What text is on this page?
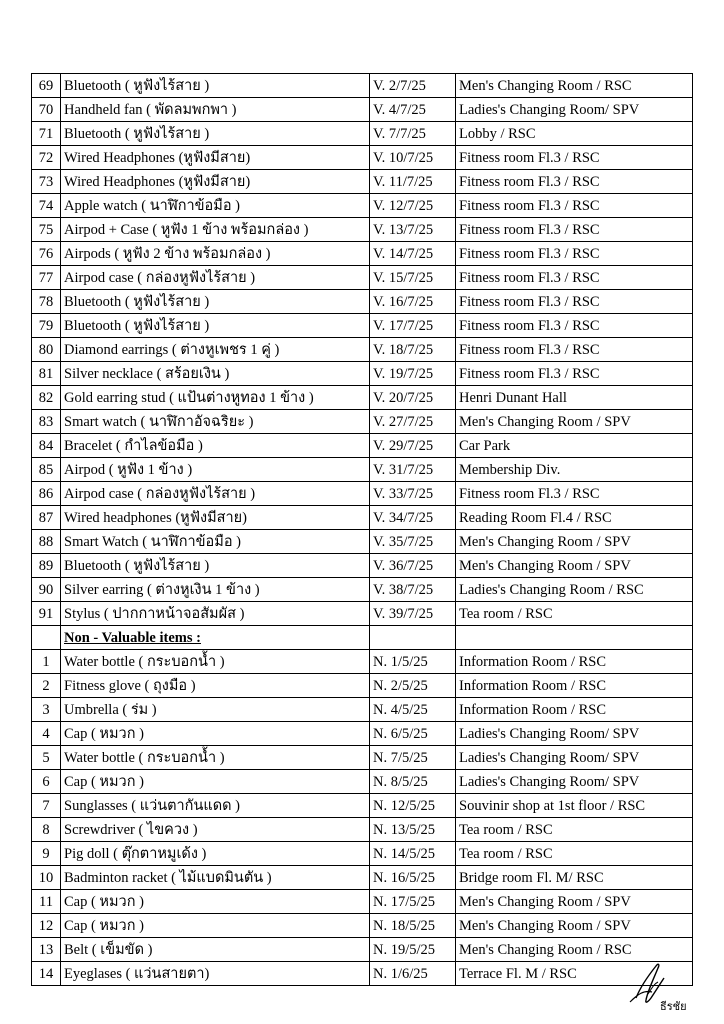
69	Bluetooth ( หูฟังไร้สาย )	V. 2/7/25	Men's Changing Room / RSC
70	Handheld fan ( พัดลมพกพา )	V. 4/7/25	Ladies's Changing Room/ SPV
71	Bluetooth ( หูฟังไร้สาย )	V. 7/7/25	Lobby / RSC
72	Wired Headphones (หูฟังมีสาย)	V. 10/7/25	Fitness room Fl.3 / RSC
73	Wired Headphones (หูฟังมีสาย)	V. 11/7/25	Fitness room Fl.3 / RSC
74	Apple watch ( นาฬิกาข้อมือ )	V. 12/7/25	Fitness room Fl.3 / RSC
75	Airpod + Case ( หูฟัง 1 ข้าง พร้อมกล่อง )	V. 13/7/25	Fitness room Fl.3 / RSC
76	Airpods ( หูฟัง 2 ข้าง พร้อมกล่อง )	V. 14/7/25	Fitness room Fl.3 / RSC
77	Airpod case ( กล่องหูฟังไร้สาย )	V. 15/7/25	Fitness room Fl.3 / RSC
78	Bluetooth ( หูฟังไร้สาย )	V. 16/7/25	Fitness room Fl.3 / RSC
79	Bluetooth ( หูฟังไร้สาย )	V. 17/7/25	Fitness room Fl.3 / RSC
80	Diamond earrings ( ต่างหูเพชร 1 คู่ )	V. 18/7/25	Fitness room Fl.3 / RSC
81	Silver necklace ( สร้อยเงิน )	V. 19/7/25	Fitness room Fl.3 / RSC
82	Gold earring stud ( แป้นต่างหูทอง 1 ข้าง )	V. 20/7/25	Henri Dunant Hall
83	Smart watch ( นาฬิกาอัจฉริยะ )	V. 27/7/25	Men's Changing Room / SPV
84	Bracelet ( กำไลข้อมือ )	V. 29/7/25	Car Park
85	Airpod ( หูฟัง 1 ข้าง )	V. 31/7/25	Membership Div.
86	Airpod case ( กล่องหูฟังไร้สาย )	V. 33/7/25	Fitness room Fl.3 / RSC
87	Wired headphones (หูฟังมีสาย)	V. 34/7/25	Reading Room Fl.4 / RSC
88	Smart Watch ( นาฬิกาข้อมือ )	V. 35/7/25	Men's Changing Room / SPV
89	Bluetooth ( หูฟังไร้สาย )	V. 36/7/25	Men's Changing Room / SPV
90	Silver earring ( ต่างหูเงิน 1 ข้าง )	V. 38/7/25	Ladies's Changing Room / RSC
91	Stylus ( ปากกาหน้าจอสัมผัส )	V. 39/7/25	Tea room / RSC
	Non - Valuable items :		
1	Water bottle ( กระบอกน้ำ )	N. 1/5/25	Information Room / RSC
2	Fitness glove ( ถุงมือ )	N. 2/5/25	Information Room / RSC
3	Umbrella ( ร่ม )	N. 4/5/25	Information Room / RSC
4	Cap ( หมวก )	N. 6/5/25	Ladies's Changing Room/ SPV
5	Water bottle ( กระบอกน้ำ )	N. 7/5/25	Ladies's Changing Room/ SPV
6	Cap ( หมวก )	N. 8/5/25	Ladies's Changing Room/ SPV
7	Sunglasses ( แว่นตากันแดด )	N. 12/5/25	Souvinir shop at 1st floor / RSC
8	Screwdriver ( ไขควง )	N. 13/5/25	Tea room / RSC
9	Pig doll ( ตุ๊กตาหมูเด้ง )	N. 14/5/25	Tea room / RSC
10	Badminton racket ( ไม้แบดมินตัน )	N. 16/5/25	Bridge room Fl. M/ RSC
11	Cap ( หมวก )	N. 17/5/25	Men's Changing Room / SPV
12	Cap ( หมวก )	N. 18/5/25	Men's Changing Room / SPV
13	Belt ( เข็มขัด )	N. 19/5/25	Men's Changing Room / RSC
14	Eyeglases ( แว่นสายตา)	N. 1/6/25	Terrace Fl. M / RSC
ธีรชัย
